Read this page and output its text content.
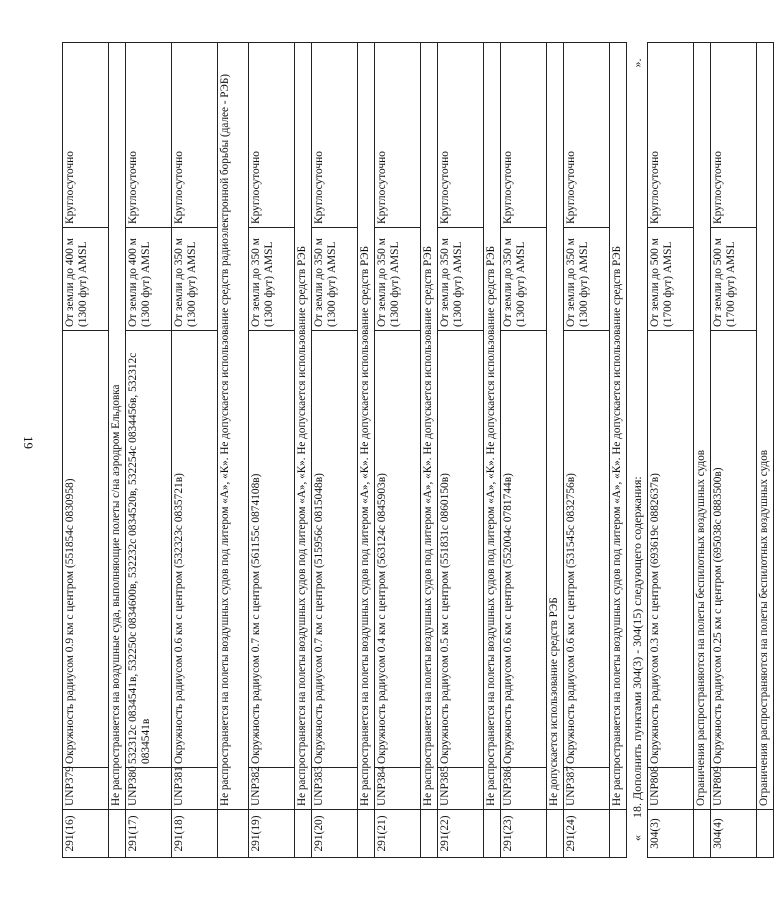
19
291(16)	UNP379	Окружность радиусом 0.9 км с центром (551854с 0830958)	От земли до 400 м (1300 фут) AMSL	Круглосуточно
	Не распространяется на воздушные суда, выполняющие полеты с/на аэродром Ельдовка			
291(17)	UNP380	532312с 0834541в, 532250с 0834600в, 532232с 0834520в, 532254с 0834456в, 532312с 0834541в	От земли до 400 м (1300 фут) AMSL	Круглосуточно
291(18)	UNP381	Окружность радиусом 0.6 км с центром (532323с 0835721в)	От земли до 350 м (1300 фут) AMSL	Круглосуточно
	Не распространяется на полеты воздушных судов под литером «А», «К». Не допускается использование средств радиоэлектронной борьбы (далее - РЭБ)			
291(19)	UNP382	Окружность радиусом 0.7 км с центром (561155с 0874108в)	От земли до 350 м (1300 фут) AMSL	Круглосуточно
	Не распространяется на полеты воздушных судов под литером «А», «К». Не допускается использование средств РЭБ			
291(20)	UNP383	Окружность радиусом 0.7 км с центром (515956с 0815048в)	От земли до 350 м (1300 фут) AMSL	Круглосуточно
	Не распространяется на полеты воздушных судов под литером «А», «К». Не допускается использование средств РЭБ			
291(21)	UNP384	Окружность радиусом 0.4 км с центром (563124с 0845903в)	От земли до 350 м (1300 фут) AMSL	Круглосуточно
	Не распространяется на полеты воздушных судов под литером «А», «К». Не допускается использование средств РЭБ			
291(22)	UNP385	Окружность радиусом 0.5 км с центром (551831с 0860150в)	От земли до 350 м (1300 фут) AMSL	Круглосуточно
	Не распространяется на полеты воздушных судов под литером «А», «К». Не допускается использование средств РЭБ			
291(23)	UNP386	Окружность радиусом 0.6 км с центром (552004с 0781744в)	От земли до 350 м (1300 фут) AMSL	Круглосуточно
	Не допускается использование средств РЭБ			
291(24)	UNP387	Окружность радиусом 0.6 км с центром (531545с 0832756в)	От земли до 350 м (1300 фут) AMSL	Круглосуточно
	Не распространяется на полеты воздушных судов под литером «А», «К». Не допускается использование средств РЭБ			
«
18. Дополнить пунктами 304(3) - 304(15) следующего содержания:
».
304(3)	UNP808	Окружность радиусом 0.3 км с центром (693619с 0882637в)	От земли до 500 м (1700 фут) AMSL	Круглосуточно
	Ограничения распространяются на полеты беспилотных воздушных судов			
304(4)	UNP809	Окружность радиусом 0.25 км с центром (695038с 0883500в)	От земли до 500 м (1700 фут) AMSL	Круглосуточно
	Ограничения распространяются на полеты беспилотных воздушных судов			
